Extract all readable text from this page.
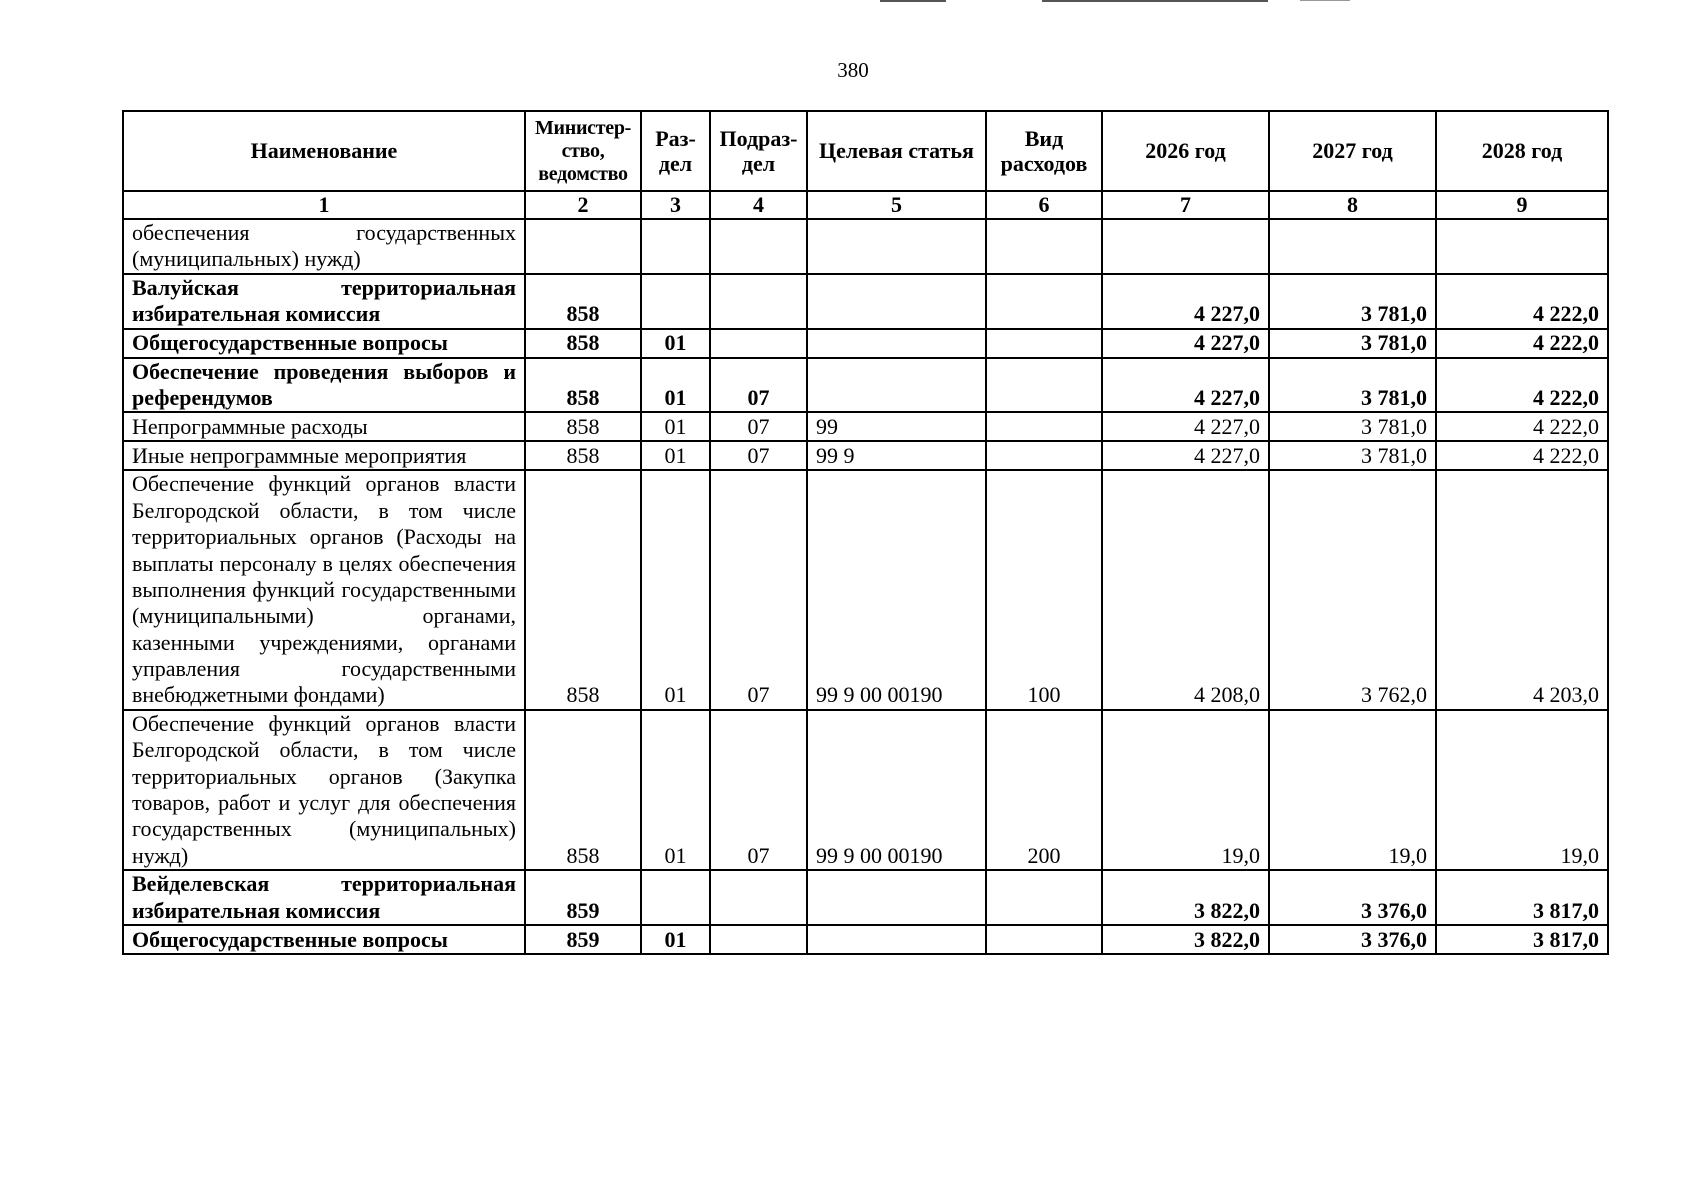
380
Наименование	Министер-ство, ведомство	Раз-дел	Подраз-дел	Целевая статья	Вид расходов	2026 год	2027 год	2028 год
1	2	3	4	5	6	7	8	9
обеспечения государственных (муниципальных) нужд)								
Валуйская территориальная избирательная комиссия	858					4 227,0	3 781,0	4 222,0
Общегосударственные вопросы	858	01				4 227,0	3 781,0	4 222,0
Обеспечение проведения выборов и референдумов	858	01	07			4 227,0	3 781,0	4 222,0
Непрограммные расходы	858	01	07	99		4 227,0	3 781,0	4 222,0
Иные непрограммные мероприятия	858	01	07	99 9		4 227,0	3 781,0	4 222,0
Обеспечение функций органов власти Белгородской области, в том числе территориальных органов (Расходы на выплаты персоналу в целях обеспечения выполнения функций государственными (муниципальными) органами, казенными учреждениями, органами управления государственными внебюджетными фондами)	858	01	07	99 9 00 00190	100	4 208,0	3 762,0	4 203,0
Обеспечение функций органов власти Белгородской области, в том числе территориальных органов (Закупка товаров, работ и услуг для обеспечения государственных (муниципальных) нужд)	858	01	07	99 9 00 00190	200	19,0	19,0	19,0
Вейделевская территориальная избирательная комиссия	859					3 822,0	3 376,0	3 817,0
Общегосударственные вопросы	859	01				3 822,0	3 376,0	3 817,0
